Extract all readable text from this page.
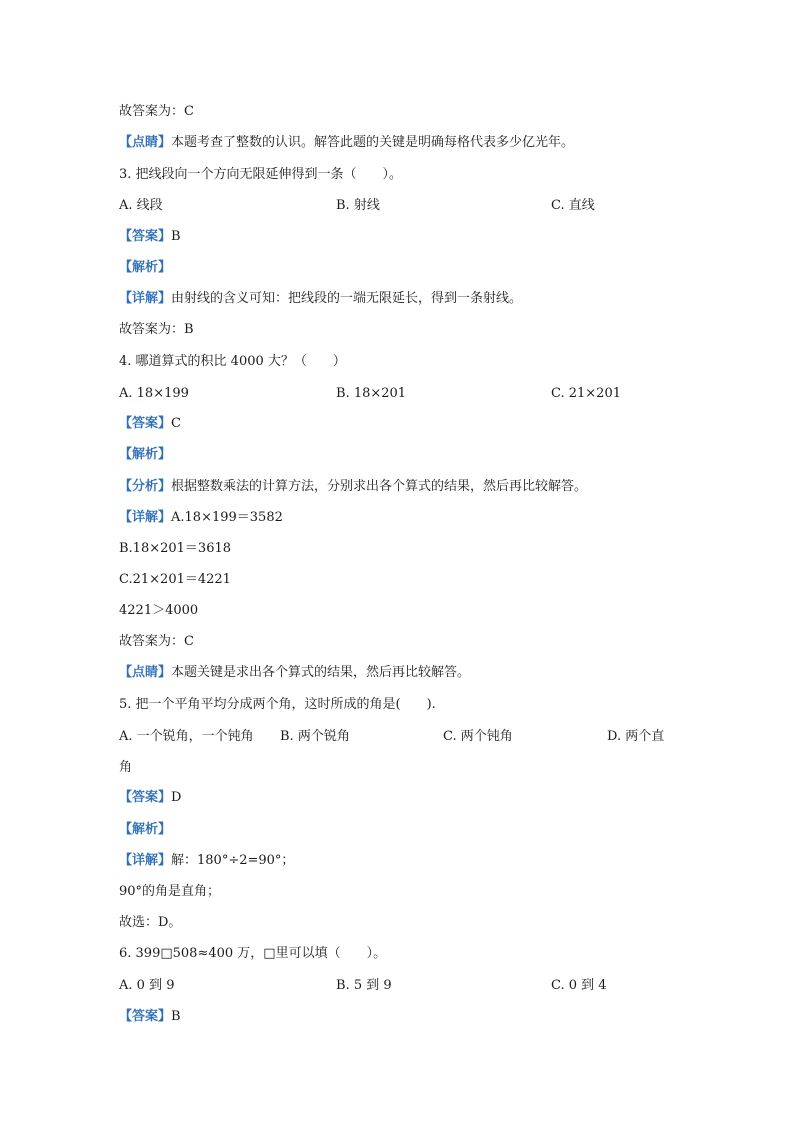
故答案为：C
【点睛】本题考查了整数的认识。解答此题的关键是明确每格代表多少亿光年。
3. 把线段向一个方向无限延伸得到一条（　　）。
A. 线段	B. 射线	C. 直线
【答案】B
【解析】
【详解】由射线的含义可知：把线段的一端无限延长，得到一条射线。
故答案为：B
4. 哪道算式的积比 4000 大？（　　）
A. 18×199	B. 18×201	C. 21×201
【答案】C
【解析】
【分析】根据整数乘法的计算方法，分别求出各个算式的结果，然后再比较解答。
【详解】A.18×199＝3582
B.18×201＝3618
C.21×201＝4221
4221＞4000
故答案为：C
【点睛】本题关键是求出各个算式的结果，然后再比较解答。
5. 把一个平角平均分成两个角，这时所成的角是(　　).
A. 一个锐角，一个钝角 B. 两个锐角	C. 两个钝角	D. 两个直
角
【答案】D
【解析】
【详解】解：180°÷2=90°；
90°的角是直角；
故选：D。
6. 399□508≈400 万，□里可以填（　　）。
A. 0 到 9	B. 5 到 9	C. 0 到 4
【答案】B
